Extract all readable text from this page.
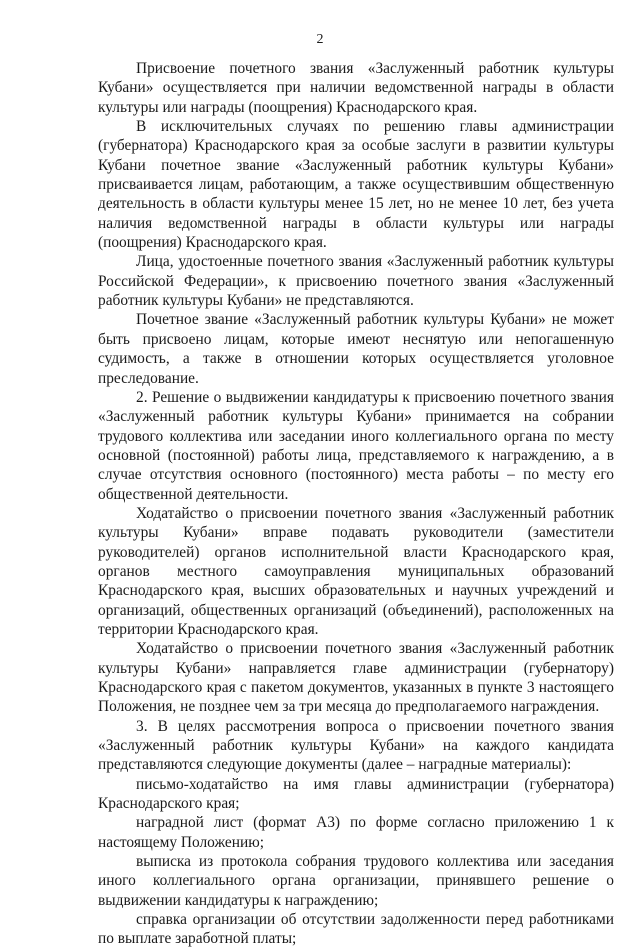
2

Присвоение почетного звания «Заслуженный работник культуры Кубани» осуществляется при наличии ведомственной награды в области культуры или награды (поощрения) Краснодарского края.

В исключительных случаях по решению главы администрации (губернатора) Краснодарского края за особые заслуги в развитии культуры Кубани почетное звание «Заслуженный работник культуры Кубани» присваивается лицам, работающим, а также осуществившим общественную деятельность в области культуры менее 15 лет, но не менее 10 лет, без учета наличия ведомственной награды в области культуры или награды (поощрения) Краснодарского края.

Лица, удостоенные почетного звания «Заслуженный работник культуры Российской Федерации», к присвоению почетного звания «Заслуженный работник культуры Кубани» не представляются.

Почетное звание «Заслуженный работник культуры Кубани» не может быть присвоено лицам, которые имеют неснятую или непогашенную судимость, а также в отношении которых осуществляется уголовное преследование.

2. Решение о выдвижении кандидатуры к присвоению почетного звания «Заслуженный работник культуры Кубани» принимается на собрании трудового коллектива или заседании иного коллегиального органа по месту основной (постоянной) работы лица, представляемого к награждению, а в случае отсутствия основного (постоянного) места работы – по месту его общественной деятельности.

Ходатайство о присвоении почетного звания «Заслуженный работник культуры Кубани» вправе подавать руководители (заместители руководителей) органов исполнительной власти Краснодарского края, органов местного самоуправления муниципальных образований Краснодарского края, высших образовательных и научных учреждений и организаций, общественных организаций (объединений), расположенных на территории Краснодарского края.

Ходатайство о присвоении почетного звания «Заслуженный работник культуры Кубани» направляется главе администрации (губернатору) Краснодарского края с пакетом документов, указанных в пункте 3 настоящего Положения, не позднее чем за три месяца до предполагаемого награждения.

3. В целях рассмотрения вопроса о присвоении почетного звания «Заслуженный работник культуры Кубани» на каждого кандидата представляются следующие документы (далее – наградные материалы):

письмо-ходатайство на имя главы администрации (губернатора) Краснодарского края;

наградной лист (формат А3) по форме согласно приложению 1 к настоящему Положению;

выписка из протокола собрания трудового коллектива или заседания иного коллегиального органа организации, принявшего решение о выдвижении кандидатуры к награждению;

справка организации об отсутствии задолженности перед работниками по выплате заработной платы;
